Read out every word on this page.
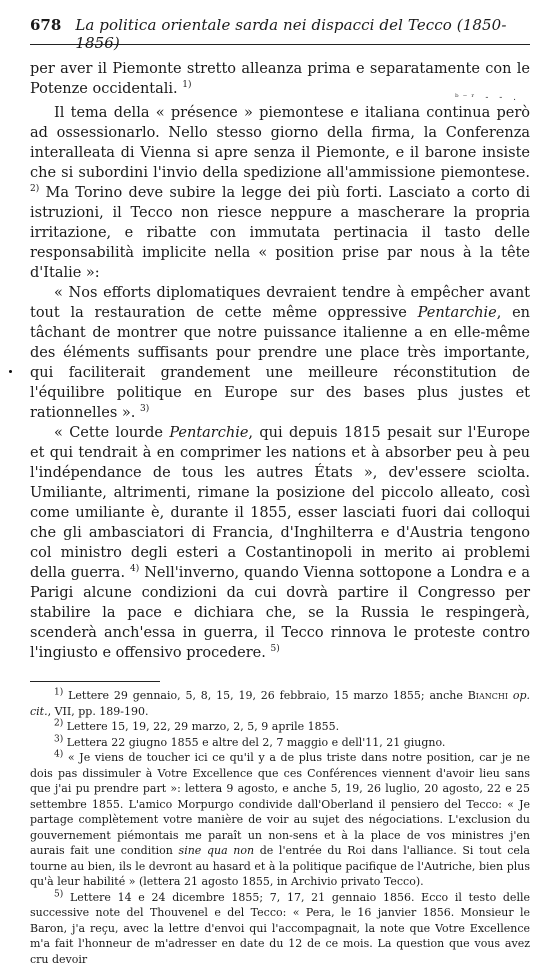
678 La politica orientale sarda nei dispacci del Tecco (1850-1856)

per aver il Piemonte stretto alleanza prima e separatamente con le Potenze occidentali. $^{1)}$

ᵇ⁻ʳ - - .

Il tema della « présence » piemontese e italiana continua però ad ossessionarlo. Nello stesso giorno della firma, la Conferenza interalleata di Vienna si apre senza il Piemonte, e il barone insiste che si subordini l'invio della spedizione all'ammissione piemontese. $^{2)}$ Ma Torino deve subire la legge dei più forti. Lasciato a corto di istruzioni, il Tecco non riesce neppure a mascherare la propria irritazione, e ribatte con immutata pertinacia il tasto delle responsabilità implicite nella « position prise par nous à la tête d'Italie »:

« Nos efforts diplomatiques devraient tendre à empêcher avant tout la restauration de cette même oppressive Pentarchie, en tâchant de montrer que notre puissance italienne a en elle-même des éléments suffisants pour prendre une place très importante, qui faciliterait grandement une meilleure réconstitution de l'équilibre politique en Europe sur des bases plus justes et rationnelles ». $^{3)}$

« Cette lourde Pentarchie, qui depuis 1815 pesait sur l'Europe et qui tendrait à en comprimer les nations et à absorber peu à peu l'indépendance de tous les autres États », dev'essere sciolta. Umiliante, altrimenti, rimane la posizione del piccolo alleato, così come umiliante è, durante il 1855, esser lasciati fuori dai colloqui che gli ambasciatori di Francia, d'Inghilterra e d'Austria tengono col ministro degli esteri a Costantinopoli in merito ai problemi della guerra. $^{4)}$ Nell'inverno, quando Vienna sottopone a Londra e a Parigi alcune condizioni da cui dovrà partire il Congresso per stabilire la pace e dichiara che, se la Russia le respingerà, scenderà anch'essa in guerra, il Tecco rinnova le proteste contro l'ingiusto e offensivo procedere. $^{5)}$

$^{1)}$ Lettere 29 gennaio, 5, 8, 15, 19, 26 febbraio, 15 marzo 1855; anche Bianchi op. cit., VII, pp. 189-190.

$^{2)}$ Lettere 15, 19, 22, 29 marzo, 2, 5, 9 aprile 1855.

$^{3)}$ Lettera 22 giugno 1855 e altre del 2, 7 maggio e dell'11, 21 giugno.

$^{4)}$ « Je viens de toucher ici ce qu'il y a de plus triste dans notre position, car je ne dois pas dissimuler à Votre Excellence que ces Conférences viennent d'avoir lieu sans que j'ai pu prendre part »: lettera 9 agosto, e anche 5, 19, 26 luglio, 20 agosto, 22 e 25 settembre 1855. L'amico Morpurgo condivide dall'Oberland il pensiero del Tecco: « Je partage complètement votre manière de voir au sujet des négociations. L'exclusion du gouvernement piémontais me paraît un non-sens et à la place de vos ministres j'en aurais fait une condition sine qua non de l'entrée du Roi dans l'alliance. Si tout cela tourne au bien, ils le devront au hasard et à la politique pacifique de l'Autriche, bien plus qu'à leur habilité » (lettera 21 agosto 1855, in Archivio privato Tecco).

$^{5)}$ Lettere 14 e 24 dicembre 1855; 7, 17, 21 gennaio 1856. Ecco il testo delle successive note del Thouvenel e del Tecco: « Pera, le 16 janvier 1856. Monsieur le Baron, j'a reçu, avec la lettre d'envoi qui l'accompagnait, la note que Votre Excellence m'a fait l'honneur de m'adresser en date du 12 de ce mois. La question que vous avez cru devoir
